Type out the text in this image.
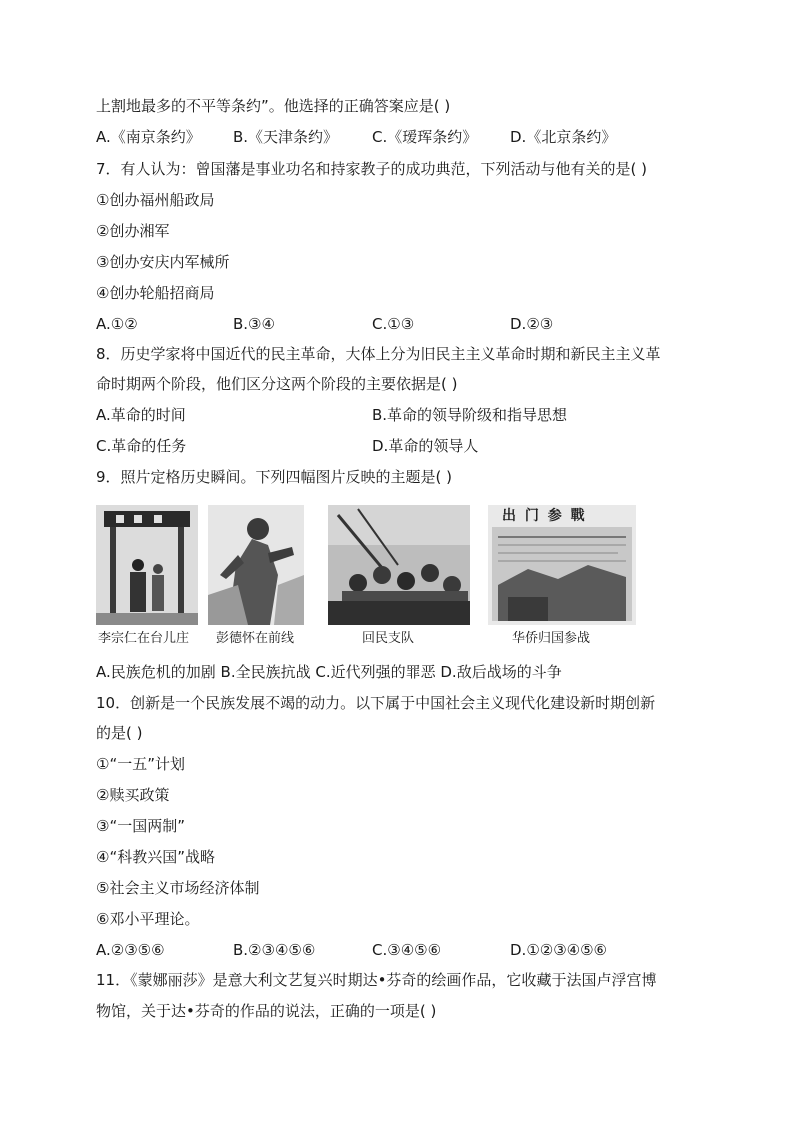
上割地最多的不平等条约”。他选择的正确答案应是( )
A.《南京条约》 B.《天津条约》 C.《瑷珲条约》 D.《北京条约》
7．有人认为：曾国藩是事业功名和持家教子的成功典范，下列活动与他有关的是( )
①创办福州船政局
②创办湘军
③创办安庆内军械所
④创办轮船招商局
A.①②	B.③④	C.①③	D.②③
8．历史学家将中国近代的民主革命，大体上分为旧民主主义革命时期和新民主主义革
命时期两个阶段，他们区分这两个阶段的主要依据是( )
A.革命的时间	B.革命的领导阶级和指导思想
C.革命的任务	D.革命的领导人
9．照片定格历史瞬间。下列四幅图片反映的主题是( )
李宗仁在台儿庄 彭德怀在前线	回民支队
出 门 参 戰
华侨归国参战
A.民族危机的加剧 B.全民族抗战 C.近代列强的罪恶 D.敌后战场的斗争
10．创新是一个民族发展不竭的动力。以下属于中国社会主义现代化建设新时期创新
的是( )
①“一五”计划
②赎买政策
③“一国两制”
④“科教兴国”战略
⑤社会主义市场经济体制
⑥邓小平理论。
A.②③⑤⑥	B.②③④⑤⑥	C.③④⑤⑥	D.①②③④⑤⑥
11．《蒙娜丽莎》是意大利文艺复兴时期达•芬奇的绘画作品，它收藏于法国卢浮宫博
物馆，关于达•芬奇的作品的说法，正确的一项是( )
